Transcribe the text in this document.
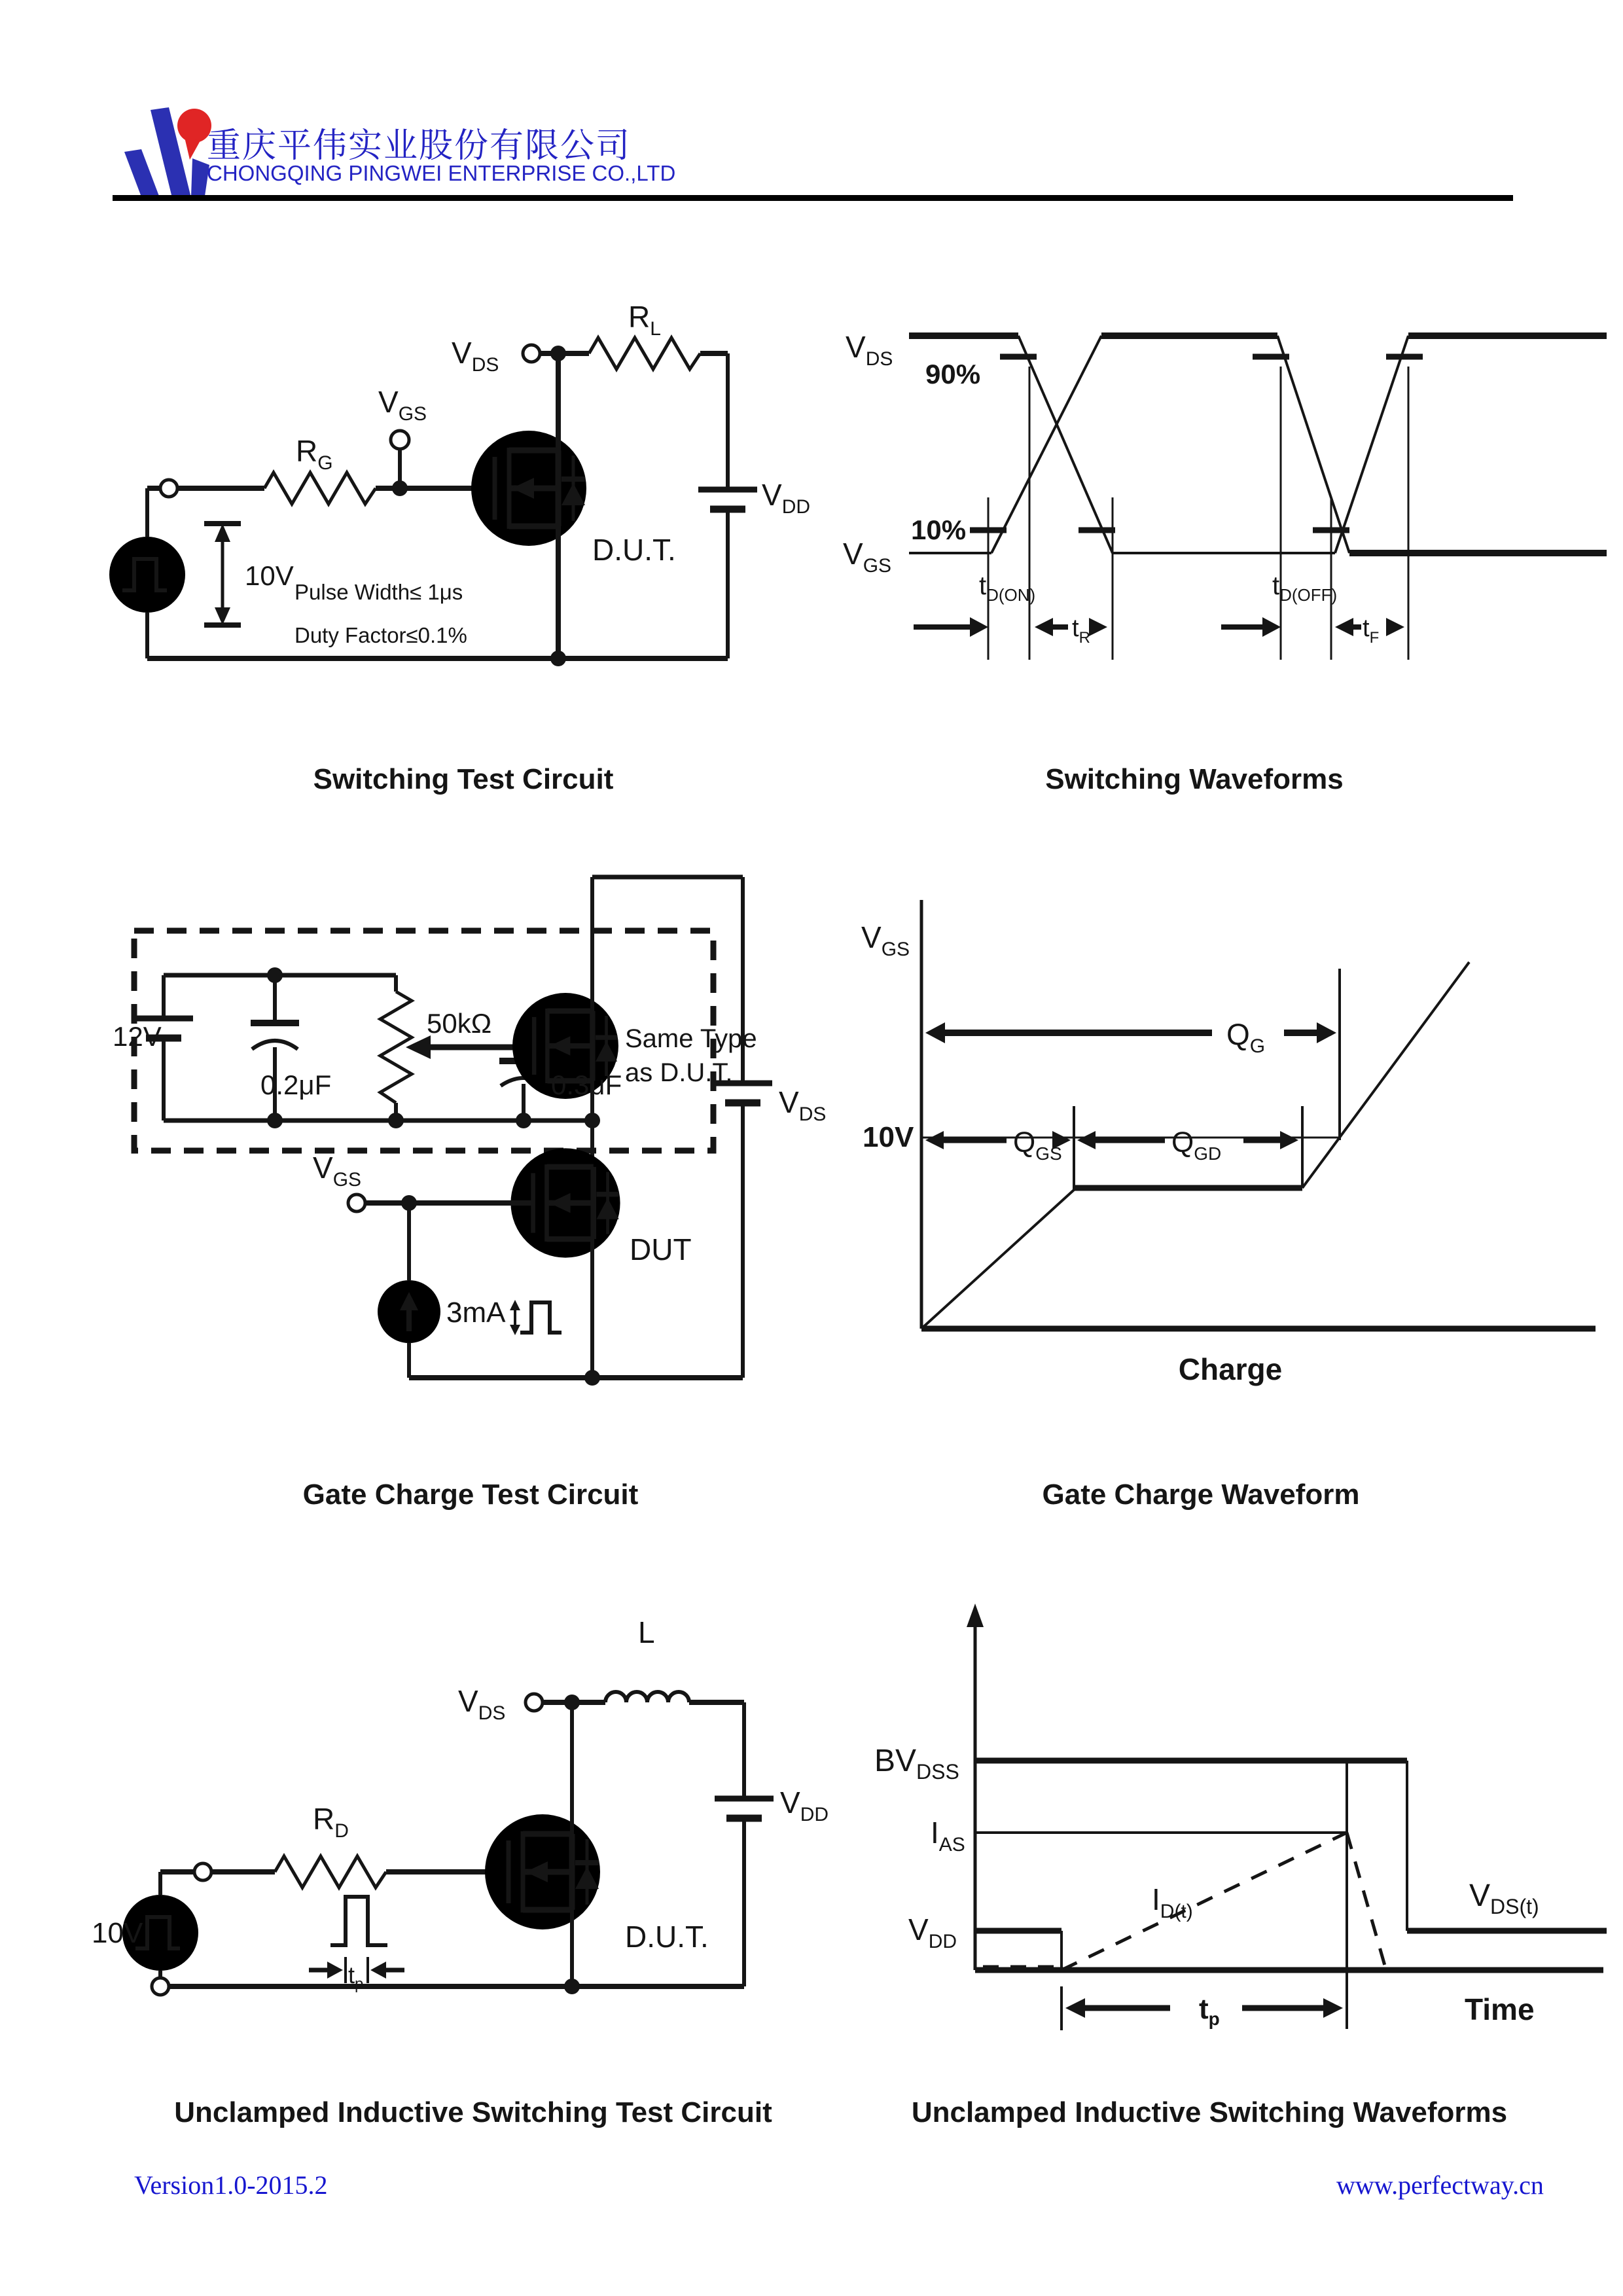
重庆平伟实业股份有限公司
CHONGQING PINGWEI ENTERPRISE CO.,LTD
$V_{DS}$
$R_L$
$V_{GS}$
$R_G$
$V_{DD}$
10V
Pulse Width≤ 1μs
Duty Factor≤0.1%
D.U.T.
$V_{DS}$
$V_{GS}$
90%
10%
$t_{D(ON)}$
$t_R$
$t_{D(OFF)}$
$t_F$
Switching Test Circuit	Switching Waveforms
12V
0.2μF
50kΩ
0.3μF
Same Type
as D.U.T.
$V_{DS}$
$V_{GS}$
DUT
3mA
$V_{GS}$
10V
$Q_G$
$Q_{GS}$	$Q_{GD}$
Charge
Gate Charge Test Circuit	Gate Charge Waveform
L
$V_{DS}$
$R_D$
$V_{DD}$
10V
$t_p$
D.U.T.
$BV_{DSS}$
$I_{AS}$
$V_{DD}$
$I_{D(t)}$	$V_{DS(t)}$
$t_p$	Time
Unclamped Inductive Switching Test Circuit	Unclamped Inductive Switching Waveforms
Version1.0-2015.2	www.perfectway.cn
